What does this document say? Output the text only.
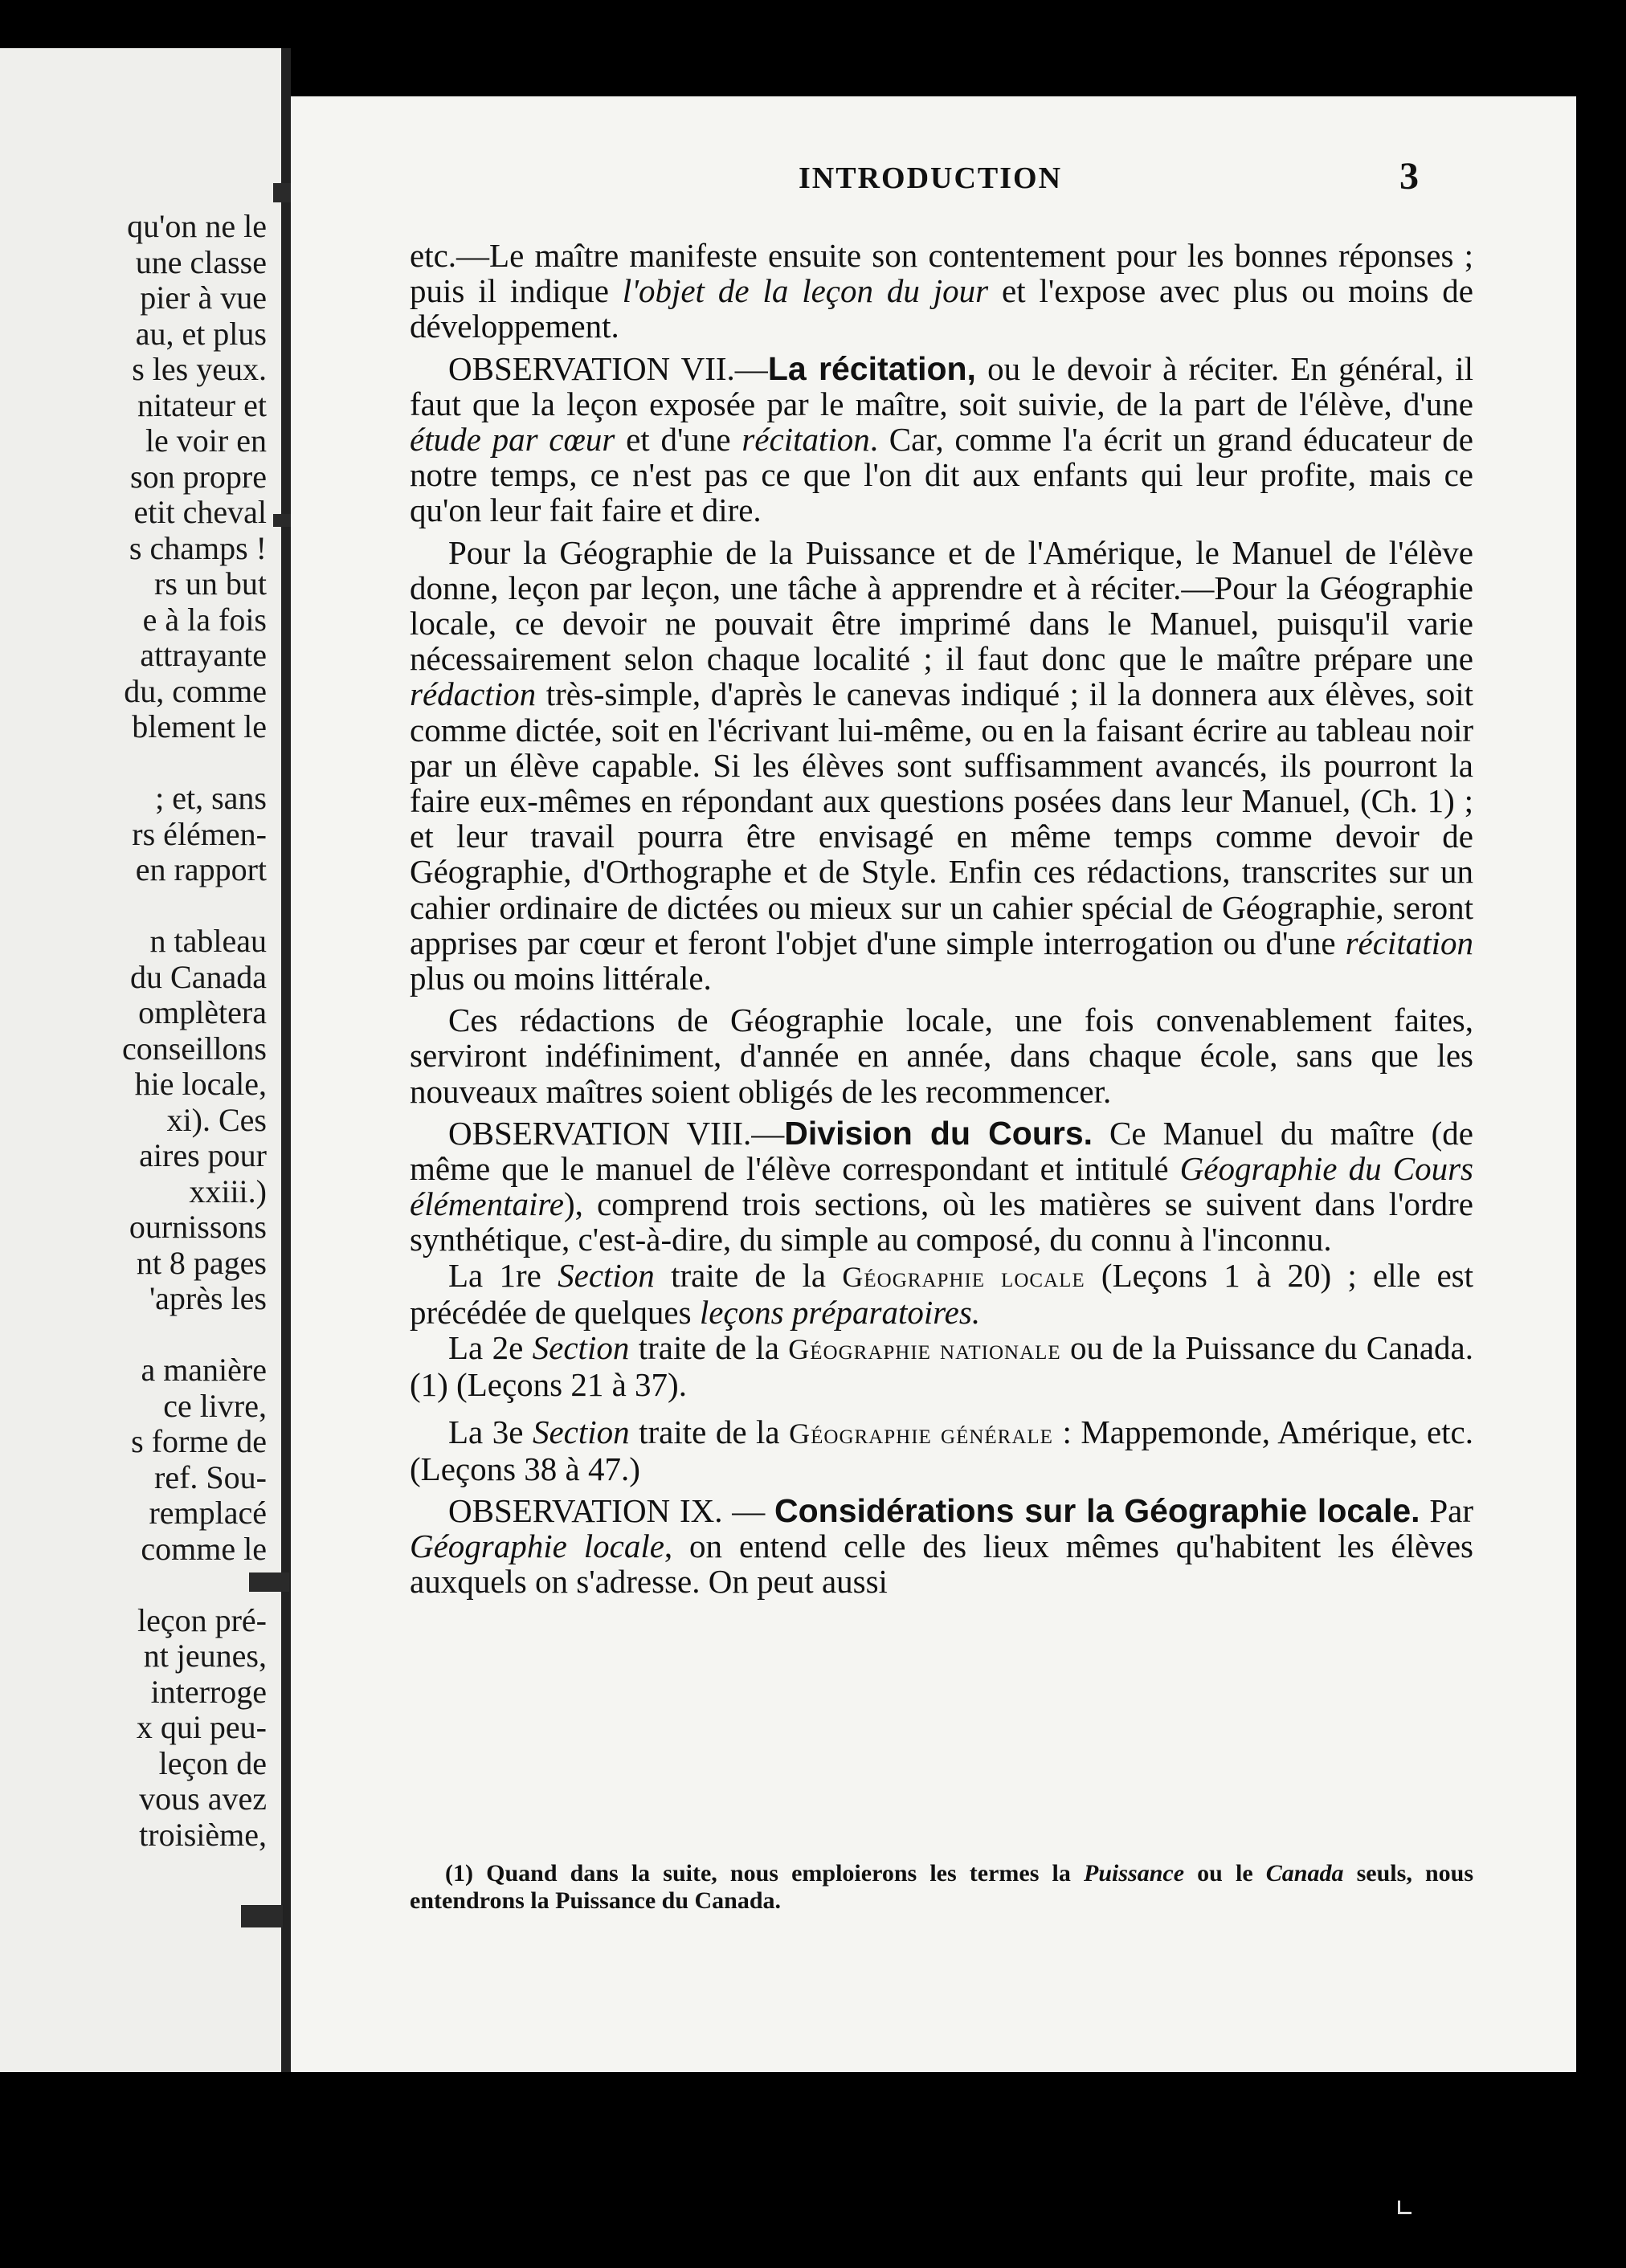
qu'on ne le
une classe
pier à vue
au, et plus
s les yeux.
nitateur et
le voir en
son propre
etit cheval
s champs !
rs un but
e à la fois
attrayante
du, comme
blement le
; et, sans
rs élémen-
en rapport
n tableau
du Canada
omplètera
conseillons
hie locale,
xi). Ces
aires pour
xxiii.)
ournissons
nt 8 pages
'après les
a manière
ce livre,
s forme de
ref. Sou-
remplacé
comme le
leçon pré-
nt jeunes,
interroge
x qui peu-
leçon de
vous avez
troisième,
INTRODUCTION	3

etc.—Le maître manifeste ensuite son contentement pour les bonnes réponses ; puis il indique l'objet de la leçon du jour et l'expose avec plus ou moins de développement.

OBSERVATION VII.—La récitation, ou le devoir à réciter. En général, il faut que la leçon exposée par le maître, soit suivie, de la part de l'élève, d'une étude par cœur et d'une récitation. Car, comme l'a écrit un grand éducateur de notre temps, ce n'est pas ce que l'on dit aux enfants qui leur profite, mais ce qu'on leur fait faire et dire.

Pour la Géographie de la Puissance et de l'Amérique, le Manuel de l'élève donne, leçon par leçon, une tâche à apprendre et à réciter.—Pour la Géographie locale, ce devoir ne pouvait être imprimé dans le Manuel, puisqu'il varie nécessairement selon chaque localité ; il faut donc que le maître prépare une rédaction très-simple, d'après le canevas indiqué ; il la donnera aux élèves, soit comme dictée, soit en l'écrivant lui-même, ou en la faisant écrire au tableau noir par un élève capable. Si les élèves sont suffisamment avancés, ils pourront la faire eux-mêmes en répondant aux questions posées dans leur Manuel, (Ch. 1) ; et leur travail pourra être envisagé en même temps comme devoir de Géographie, d'Orthographe et de Style. Enfin ces rédactions, transcrites sur un cahier ordinaire de dictées ou mieux sur un cahier spécial de Géographie, seront apprises par cœur et feront l'objet d'une simple interrogation ou d'une récitation plus ou moins littérale.

Ces rédactions de Géographie locale, une fois convenablement faites, serviront indéfiniment, d'année en année, dans chaque école, sans que les nouveaux maîtres soient obligés de les recommencer.

OBSERVATION VIII.—Division du Cours. Ce Manuel du maître (de même que le manuel de l'élève correspondant et intitulé Géographie du Cours élémentaire), comprend trois sections, où les matières se suivent dans l'ordre synthétique, c'est-à-dire, du simple au composé, du connu à l'inconnu.

La 1re Section traite de la Géographie locale (Leçons 1 à 20) ; elle est précédée de quelques leçons préparatoires.

La 2e Section traite de la Géographie nationale ou de la Puissance du Canada. (1) (Leçons 21 à 37).

La 3e Section traite de la Géographie générale : Mappemonde, Amérique, etc. (Leçons 38 à 47.)

OBSERVATION IX. — Considérations sur la Géographie locale. Par Géographie locale, on entend celle des lieux mêmes qu'habitent les élèves auxquels on s'adresse. On peut aussi

(1) Quand dans la suite, nous emploierons les termes la Puissance ou le Canada seuls, nous entendrons la Puissance du Canada.
